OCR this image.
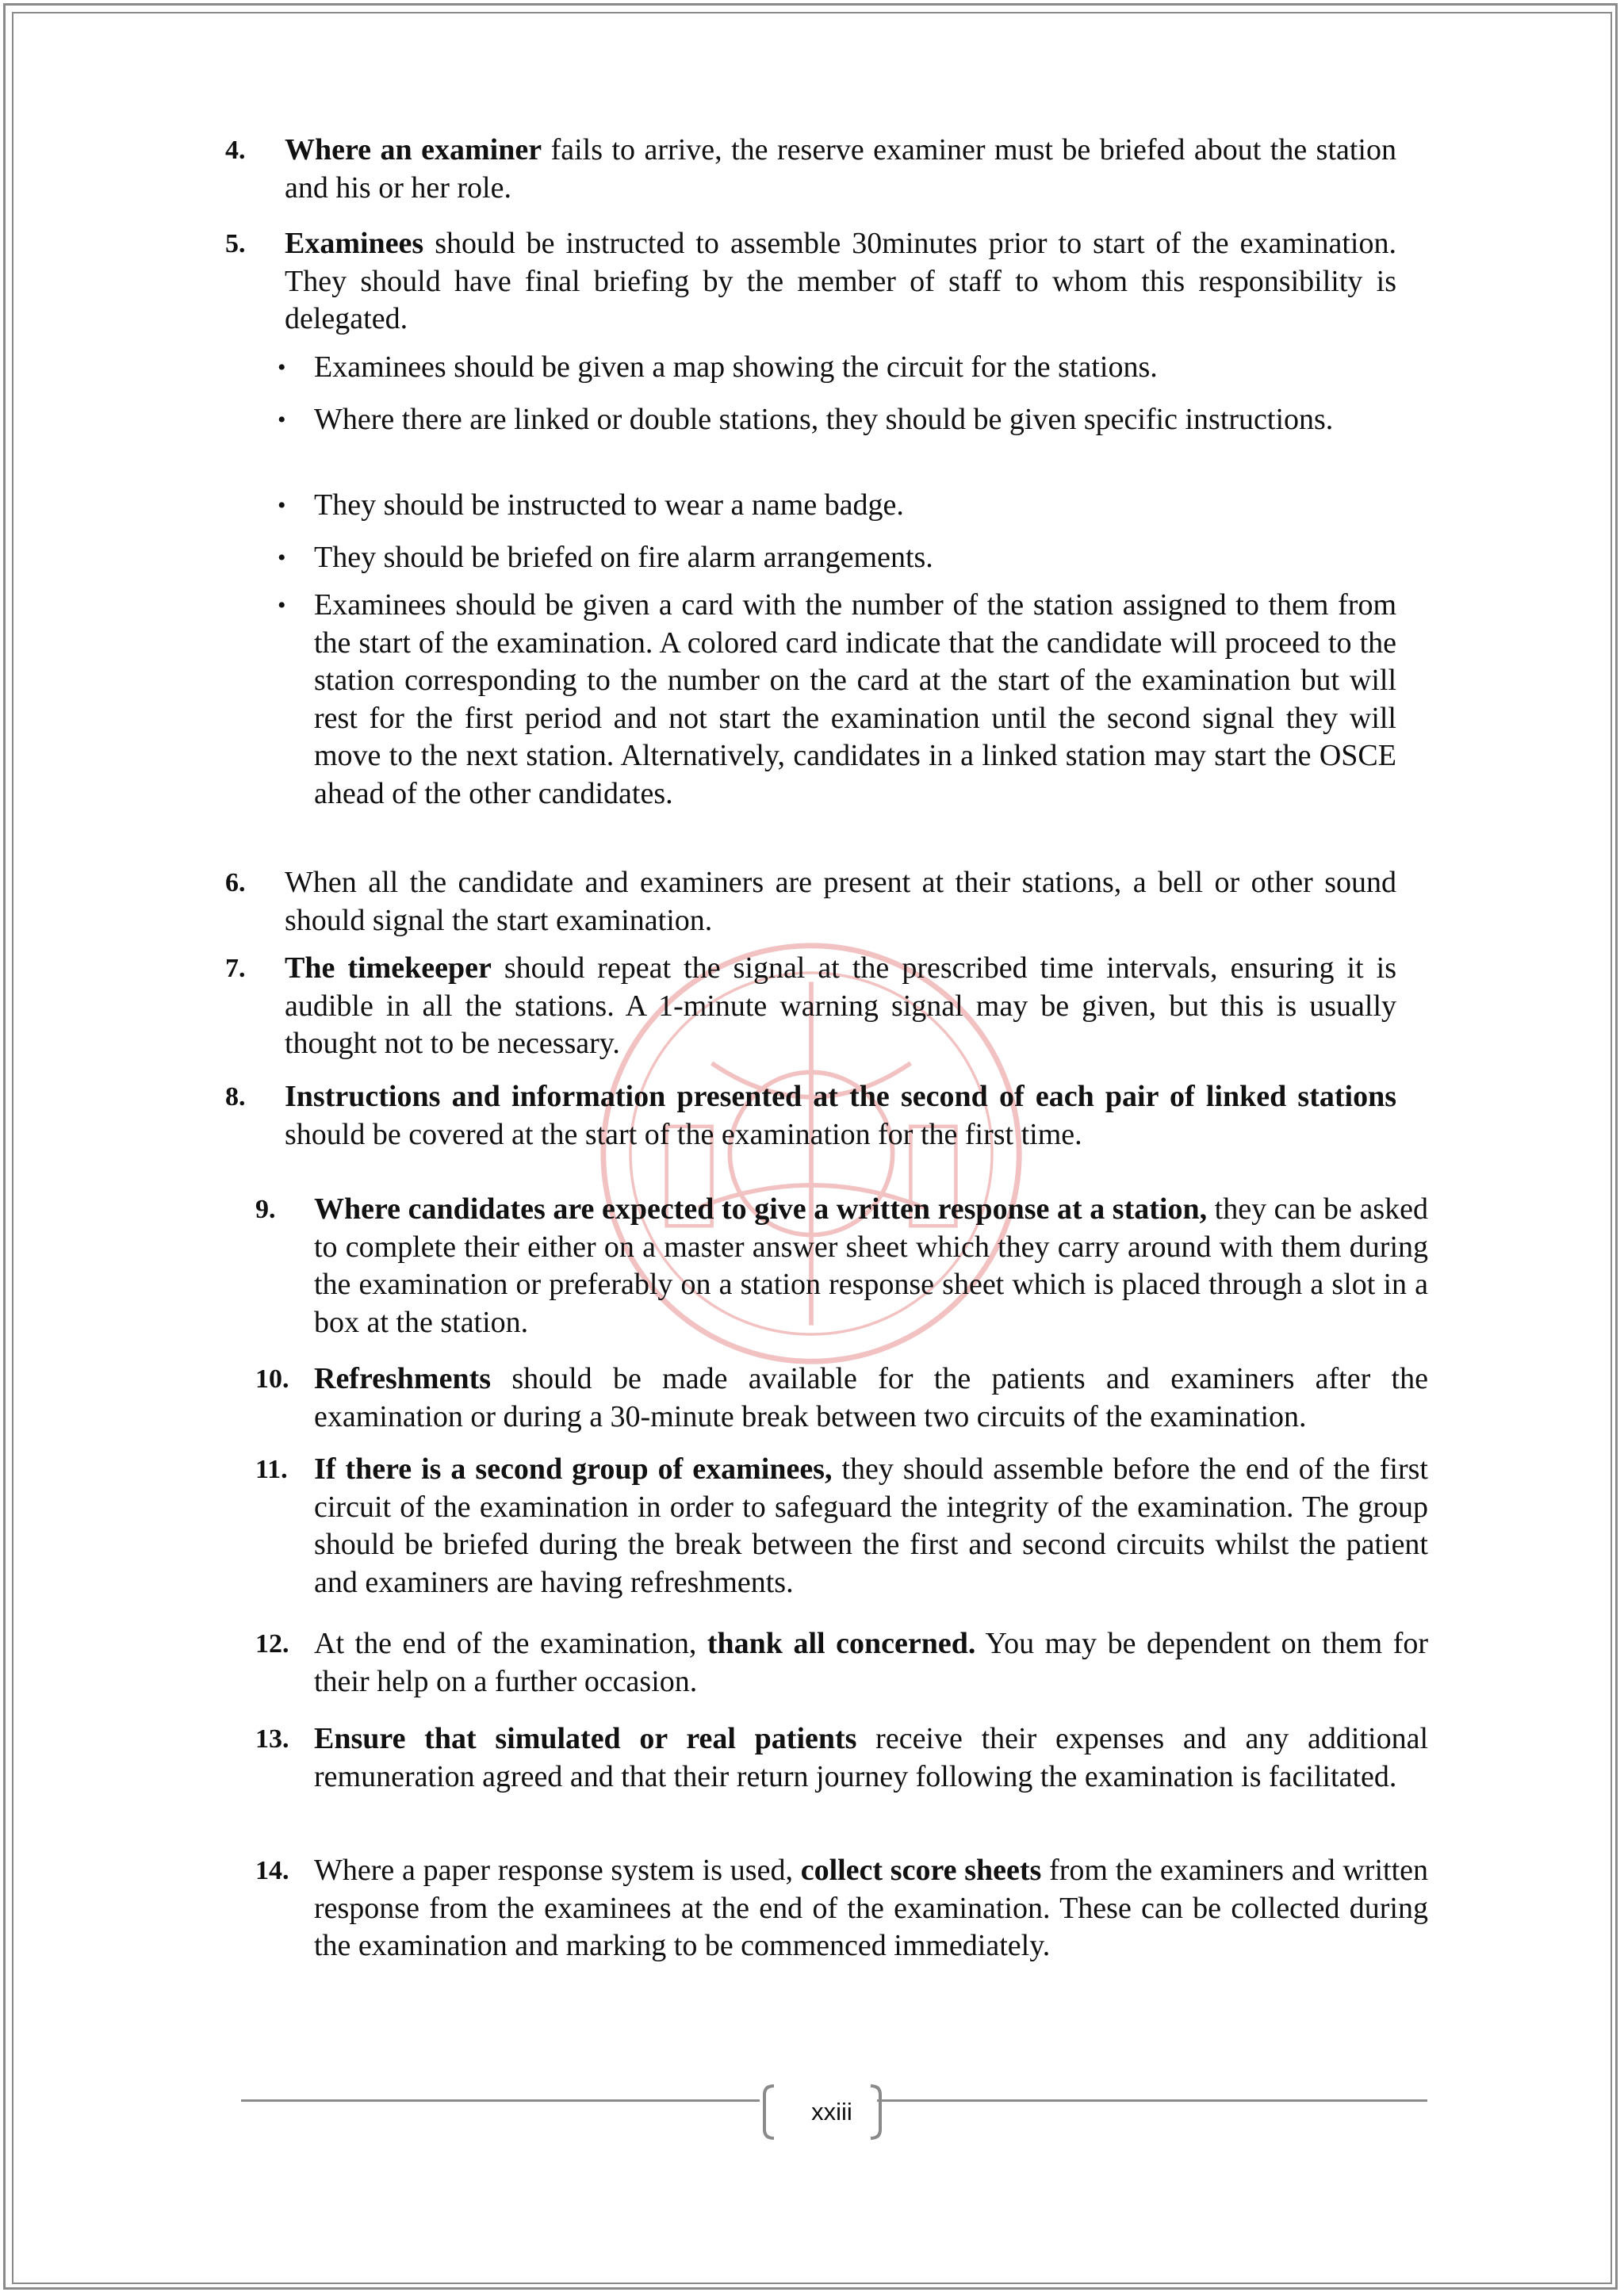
4. Where an examiner fails to arrive, the reserve examiner must be briefed about the station and his or her role.
5. Examinees should be instructed to assemble 30minutes prior to start of the examination. They should have final briefing by the member of staff to whom this responsibility is delegated.
• Examinees should be given a map showing the circuit for the stations.
• Where there are linked or double stations, they should be given specific instructions.
• They should be instructed to wear a name badge.
• They should be briefed on fire alarm arrangements.
• Examinees should be given a card with the number of the station assigned to them from the start of the examination. A colored card indicate that the candidate will proceed to the station corresponding to the number on the card at the start of the examination but will rest for the first period and not start the examination until the second signal they will move to the next station. Alternatively, candidates in a linked station may start the OSCE ahead of the other candidates.
6. When all the candidate and examiners are present at their stations, a bell or other sound should signal the start examination.
7. The timekeeper should repeat the signal at the prescribed time intervals, ensuring it is audible in all the stations. A 1-minute warning signal may be given, but this is usually thought not to be necessary.
8. Instructions and information presented at the second of each pair of linked stations should be covered at the start of the examination for the first time.
9. Where candidates are expected to give a written response at a station, they can be asked to complete their either on a master answer sheet which they carry around with them during the examination or preferably on a station response sheet which is placed through a slot in a box at the station.
10. Refreshments should be made available for the patients and examiners after the examination or during a 30-minute break between two circuits of the examination.
11. If there is a second group of examinees, they should assemble before the end of the first circuit of the examination in order to safeguard the integrity of the examination. The group should be briefed during the break between the first and second circuits whilst the patient and examiners are having refreshments.
12. At the end of the examination, thank all concerned. You may be dependent on them for their help on a further occasion.
13. Ensure that simulated or real patients receive their expenses and any additional remuneration agreed and that their return journey following the examination is facilitated.
14. Where a paper response system is used, collect score sheets from the examiners and written response from the examinees at the end of the examination. These can be collected during the examination and marking to be commenced immediately.
xxiii
